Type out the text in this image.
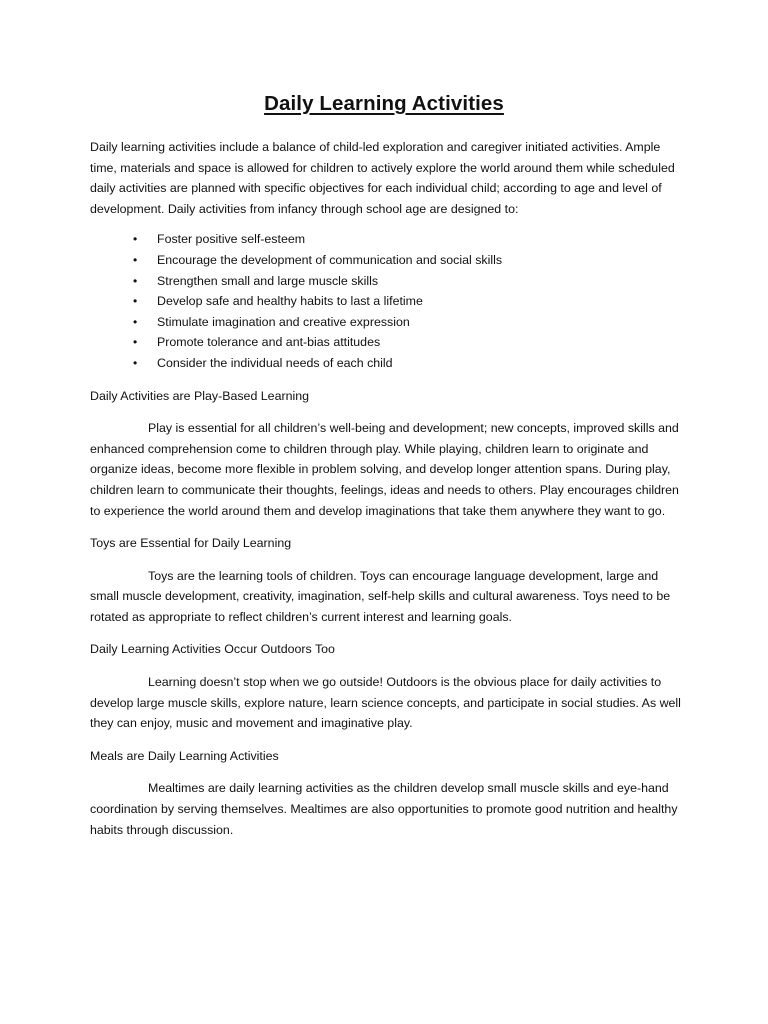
Daily Learning Activities

Daily learning activities include a balance of child-led exploration and caregiver initiated activities. Ample time, materials and space is allowed for children to actively explore the world around them while scheduled daily activities are planned with specific objectives for each individual child; according to age and level of development. Daily activities from infancy through school age are designed to:

• Foster positive self-esteem
• Encourage the development of communication and social skills
• Strengthen small and large muscle skills
• Develop safe and healthy habits to last a lifetime
• Stimulate imagination and creative expression
• Promote tolerance and ant-bias attitudes
• Consider the individual needs of each child

Daily Activities are Play-Based Learning

Play is essential for all children’s well-being and development; new concepts, improved skills and enhanced comprehension come to children through play. While playing, children learn to originate and organize ideas, become more flexible in problem solving, and develop longer attention spans. During play, children learn to communicate their thoughts, feelings, ideas and needs to others. Play encourages children to experience the world around them and develop imaginations that take them anywhere they want to go.

Toys are Essential for Daily Learning

Toys are the learning tools of children. Toys can encourage language development, large and small muscle development, creativity, imagination, self-help skills and cultural awareness. Toys need to be rotated as appropriate to reflect children’s current interest and learning goals.

Daily Learning Activities Occur Outdoors Too

Learning doesn’t stop when we go outside! Outdoors is the obvious place for daily activities to develop large muscle skills, explore nature, learn science concepts, and participate in social studies. As well they can enjoy, music and movement and imaginative play.

Meals are Daily Learning Activities

Mealtimes are daily learning activities as the children develop small muscle skills and eye-hand coordination by serving themselves. Mealtimes are also opportunities to promote good nutrition and healthy habits through discussion.
